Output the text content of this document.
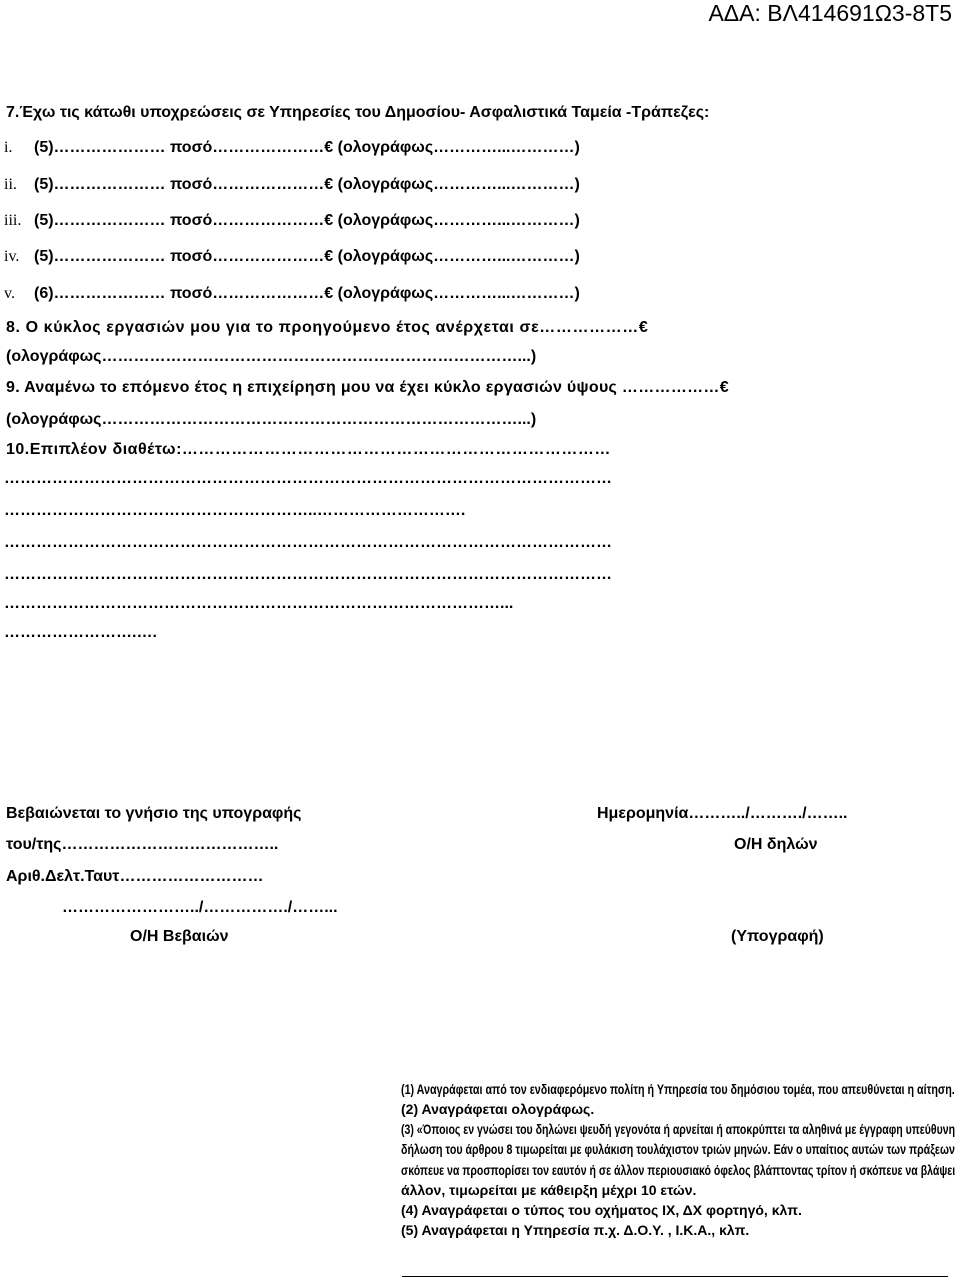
ΑΔΑ: ΒΛ414691Ω3-8Τ5
7.Έχω τις κάτωθι υποχρεώσεις σε Υπηρεσίες του Δημοσίου- Ασφαλιστικά Ταμεία -Τράπεζες:
i. (5)………………… ποσό…………………€ (ολογράφως…………...…………)
ii. (5)………………… ποσό…………………€ (ολογράφως…………...…………)
iii. (5)………………… ποσό…………………€ (ολογράφως…………...…………)
iv. (5)………………… ποσό…………………€ (ολογράφως…………...…………)
v. (6)………………… ποσό…………………€ (ολογράφως…………...…………)
8. Ο κύκλος εργασιών μου για το προηγούμενο έτος ανέρχεται σε………………€
(ολογράφως……………………………………………………………………...)
9. Αναμένω το επόμενο έτος η επιχείρηση μου να έχει κύκλο εργασιών ύψους ………………€
(ολογράφως……………………………………………………………………...)
10.Επιπλέον διαθέτω:……………………………………………………………………
……………………………………………………………………………………………………
…………………………………………………..……………………….
……………………………………………………………………………………………………
……………………………………………………………………………………………………
…………………………………………………………………………………...
…………………….….
Βεβαιώνεται το γνήσιο της υπογραφής
του/της…………………………………..
Αριθ.Δελτ.Ταυτ………………………
……………………../……………./……...
Ο/Η Βεβαιών
Ημερομηνία………../………./……..
Ο/Η δηλών
(Υπογραφή)
(1) Αναγράφεται από τον ενδιαφερόμενο πολίτη ή Υπηρεσία του δημόσιου τομέα, που απευθύνεται η αίτηση.
(2) Αναγράφεται ολογράφως.
(3) «Όποιος εν γνώσει του δηλώνει ψευδή γεγονότα ή αρνείται ή αποκρύπτει τα αληθινά με έγγραφη υπεύθυνη
δήλωση του άρθρου 8 τιμωρείται με φυλάκιση τουλάχιστον τριών μηνών. Εάν ο υπαίτιος αυτών των πράξεων
σκόπευε να προσπορίσει τον εαυτόν ή σε άλλον περιουσιακό όφελος βλάπτοντας τρίτον ή σκόπευε να βλάψει
άλλον, τιμωρείται με κάθειρξη μέχρι 10 ετών.
(4) Αναγράφεται ο τύπος του οχήματος ΙΧ, ΔΧ φορτηγό, κλπ.
(5) Αναγράφεται η Υπηρεσία π.χ. Δ.Ο.Υ. , Ι.Κ.Α., κλπ.
